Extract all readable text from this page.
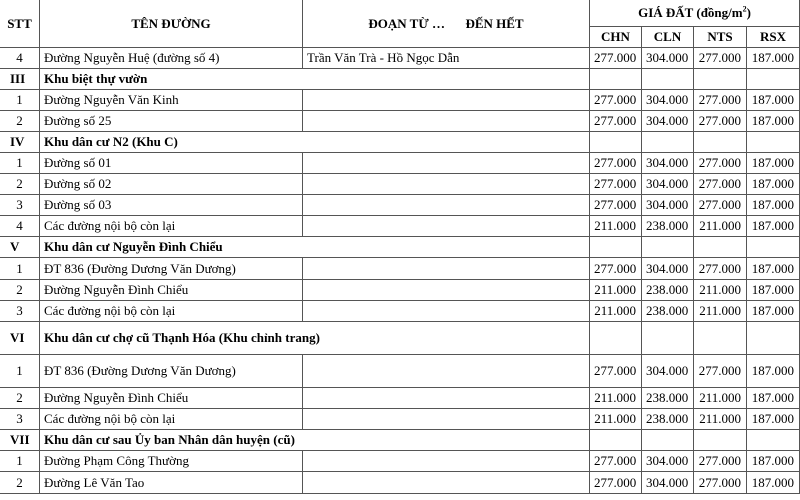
STT	TÊN ĐƯỜNG	ĐOẠN TỪ … ĐẾN HẾT	GIÁ ĐẤT $(đồng/m^2)$			
			CHN	CLN	NTS	RSX
4	Đường Nguyễn Huệ (đường số 4)	Trần Văn Trà - Hồ Ngọc Dẫn	277.000	304.000	277.000	187.000
III	Khu biệt thự vườn					
1	Đường Nguyễn Văn Kinh		277.000	304.000	277.000	187.000
2	Đường số 25		277.000	304.000	277.000	187.000
IV	Khu dân cư N2 (Khu C)					
1	Đường số 01		277.000	304.000	277.000	187.000
2	Đường số 02		277.000	304.000	277.000	187.000
3	Đường số 03		277.000	304.000	277.000	187.000
4	Các đường nội bộ còn lại		211.000	238.000	211.000	187.000
V	Khu dân cư Nguyễn Đình Chiểu					
1	ĐT 836 (Đường Dương Văn Dương)		277.000	304.000	277.000	187.000
2	Đường Nguyễn Đình Chiểu		211.000	238.000	211.000	187.000
3	Các đường nội bộ còn lại		211.000	238.000	211.000	187.000
VI	Khu dân cư chợ cũ Thạnh Hóa (Khu chỉnh trang)					
1	ĐT 836 (Đường Dương Văn Dương)		277.000	304.000	277.000	187.000
2	Đường Nguyễn Đình Chiểu		211.000	238.000	211.000	187.000
3	Các đường nội bộ còn lại		211.000	238.000	211.000	187.000
VII	Khu dân cư sau Ủy ban Nhân dân huyện (cũ)					
1	Đường Phạm Công Thường		277.000	304.000	277.000	187.000
2	Đường Lê Văn Tao		277.000	304.000	277.000	187.000
